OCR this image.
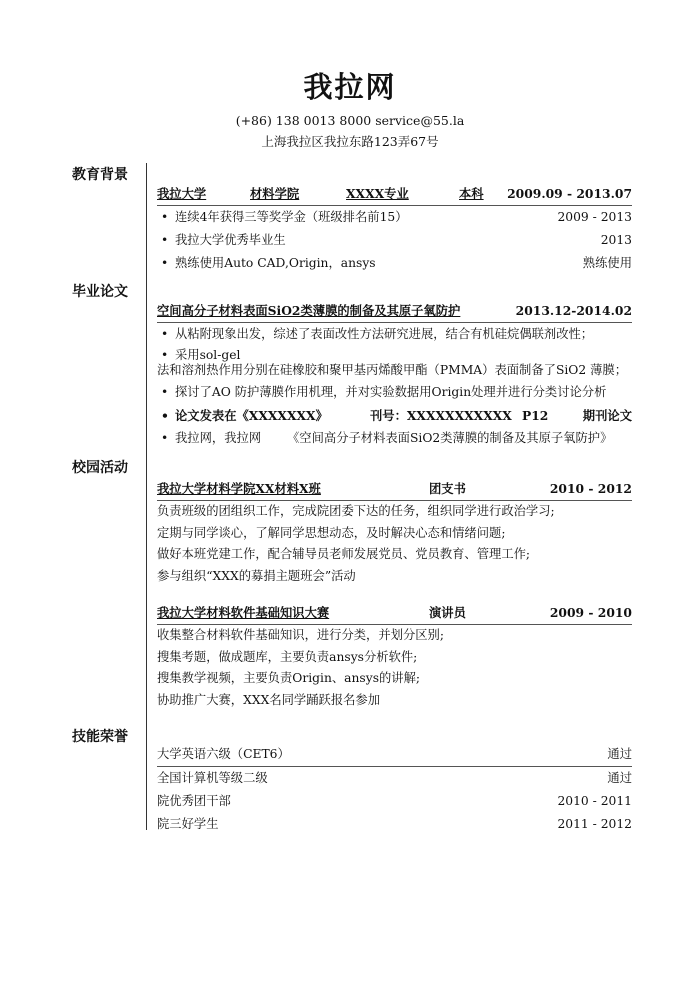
我拉网
(+86) 138 0013 8000 service@55.la
上海我拉区我拉东路123弄67号
教育背景
我拉大学	材料学院	XXXX专业	本科 2009.09 - 2013.07
• 连续4年获得三等奖学金（班级排名前15）	2009 - 2013
• 我拉大学优秀毕业生	2013
• 熟练使用Auto CAD,Origin，ansys	熟练使用
毕业论文
空间高分子材料表面SiO2类薄膜的制备及其原子氧防护	2013.12-2014.02
• 从粘附现象出发，综述了表面改性方法研究进展，结合有机硅烷偶联剂改性；
• 采用sol-gel
法和溶剂热作用分别在硅橡胶和聚甲基丙烯酸甲酯（PMMA）表面制备了SiO2 薄膜；
• 探讨了AO 防护薄膜作用机理，并对实验数据用Origin处理并进行分类讨论分析
• 论文发表在《XXXXXXX》	刊号：XXXXXXXXXXX P12	期刊论文
• 我拉网，我拉网 《空间高分子材料表面SiO2类薄膜的制备及其原子氧防护》
校园活动
我拉大学材料学院XX材料X班	团支书	2010 - 2012
负责班级的团组织工作，完成院团委下达的任务，组织同学进行政治学习;
定期与同学谈心，了解同学思想动态，及时解决心态和情绪问题;
做好本班党建工作，配合辅导员老师发展党员、党员教育、管理工作;
参与组织“XXX的募捐主题班会”活动
我拉大学材料软件基础知识大赛	演讲员	2009 - 2010
收集整合材料软件基础知识，进行分类，并划分区别;
搜集考题，做成题库，主要负责ansys分析软件;
搜集教学视频，主要负责Origin、ansys的讲解;
协助推广大赛，XXX名同学踊跃报名参加
技能荣誉
大学英语六级（CET6）	通过
全国计算机等级二级	通过
院优秀团干部	2010 - 2011
院三好学生	2011 - 2012
